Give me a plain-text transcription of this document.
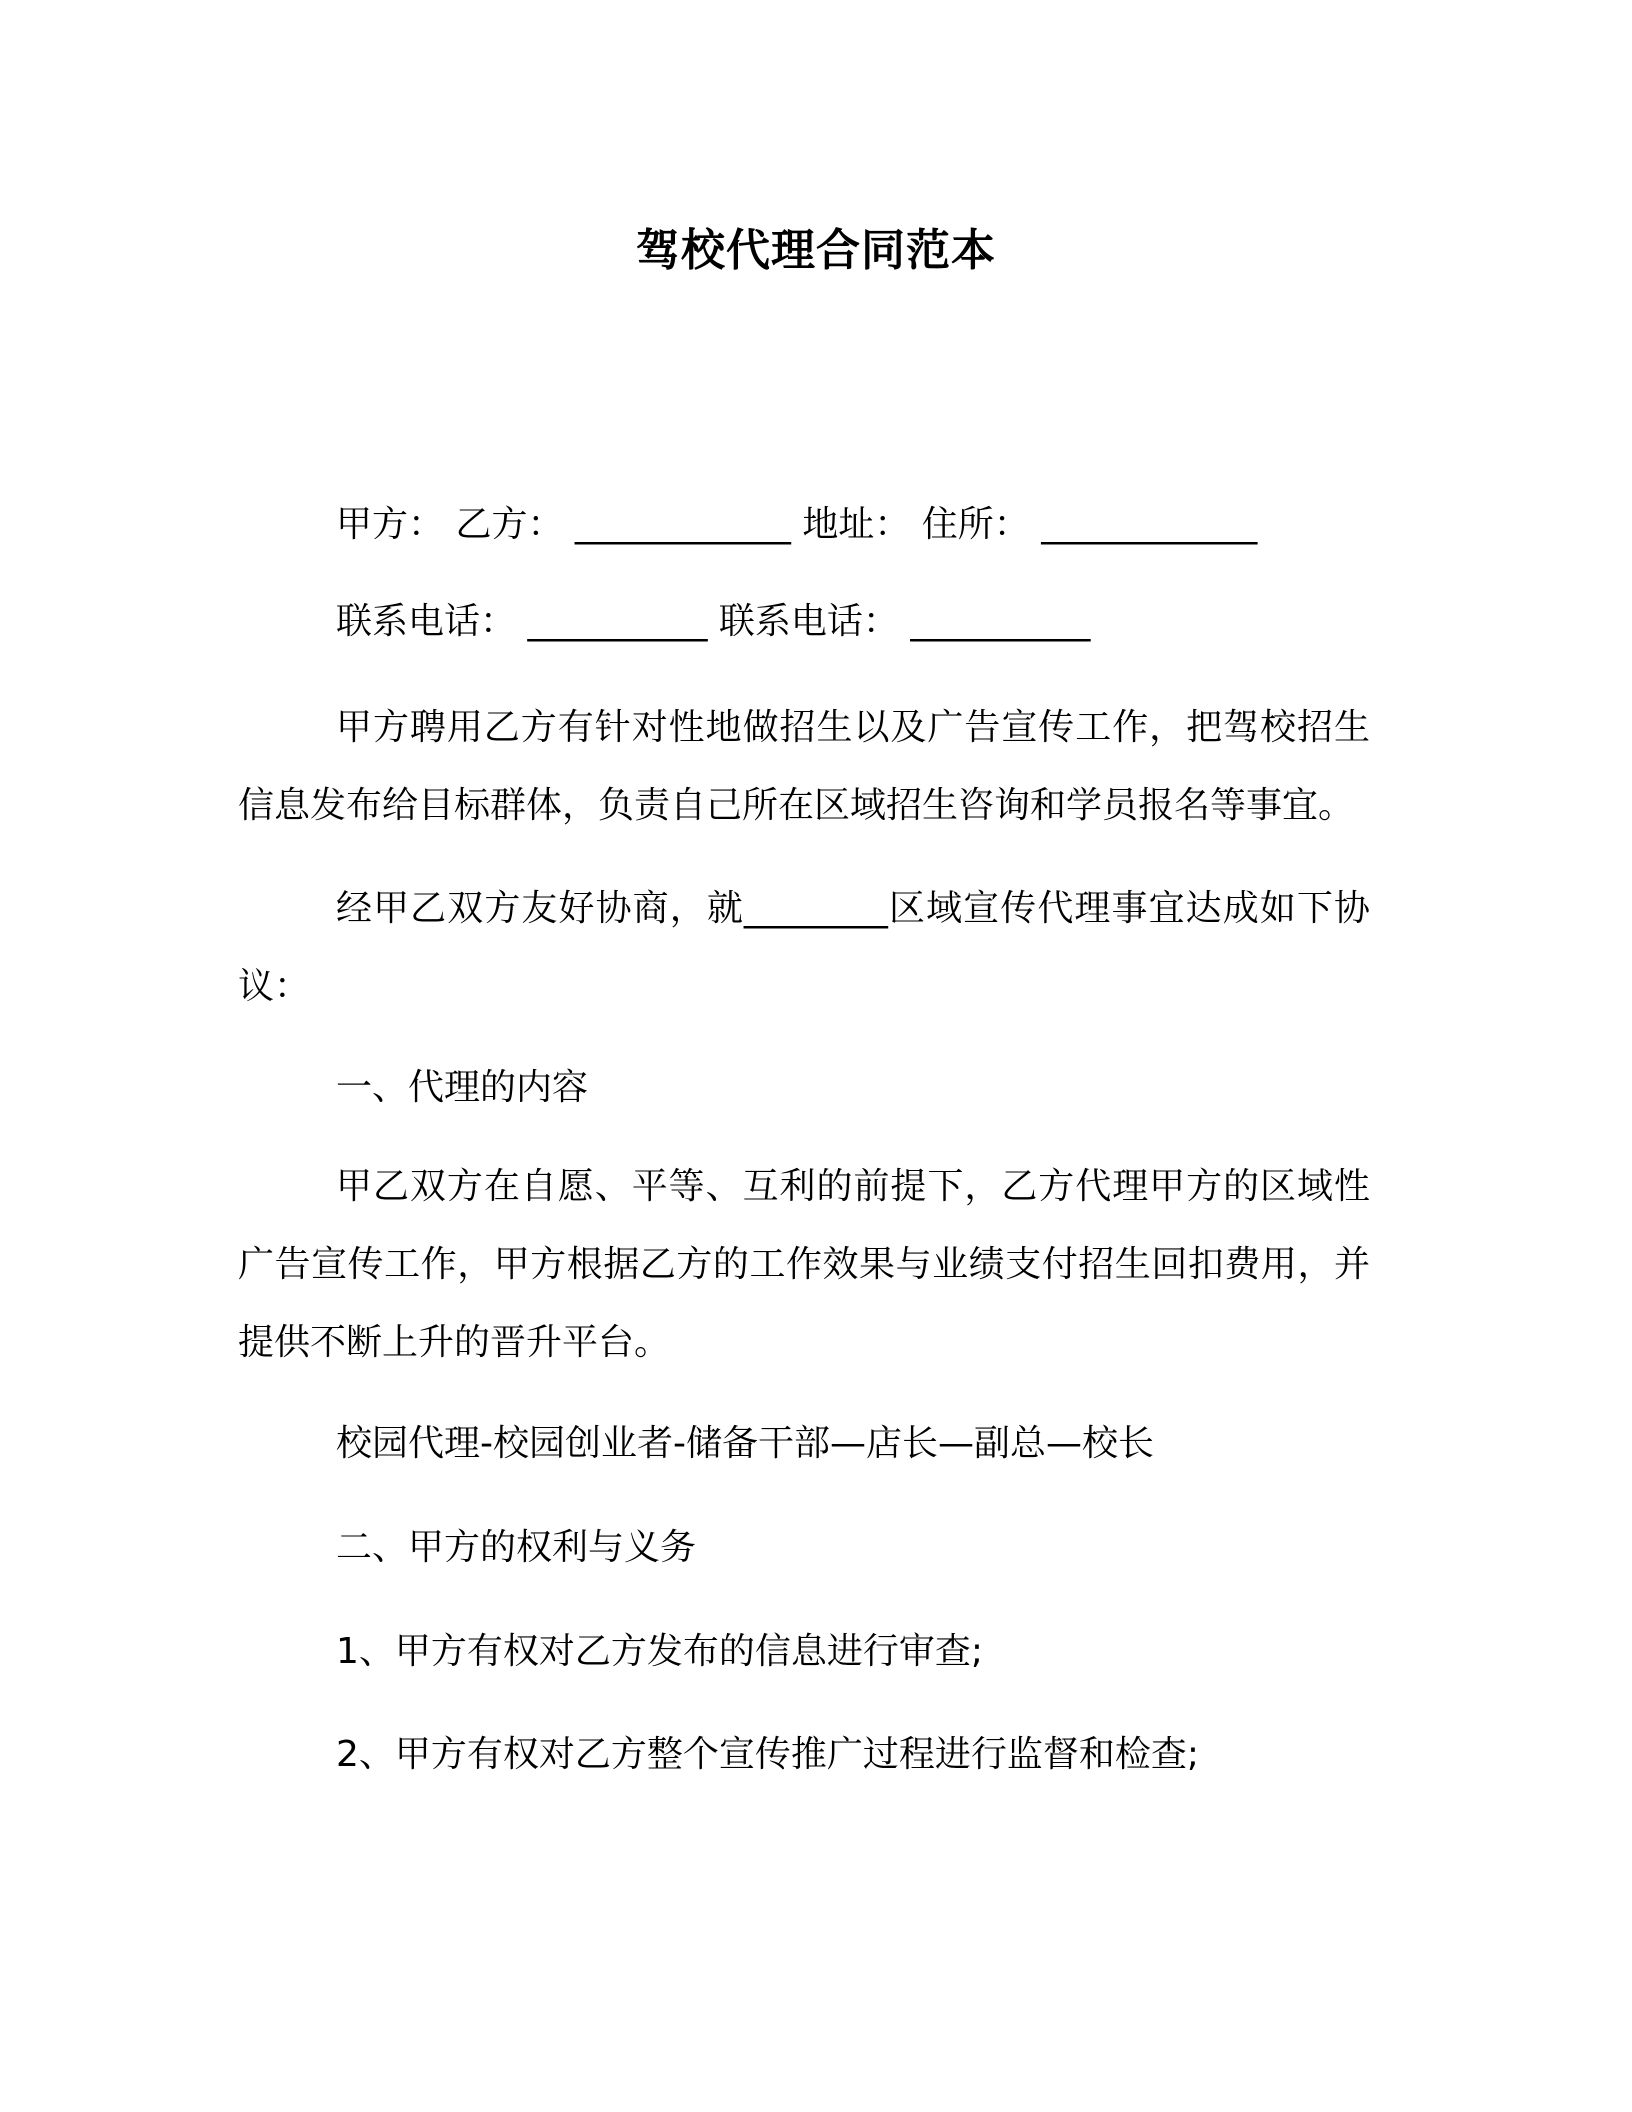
驾校代理合同范本
甲方： 乙方： ____________ 地址： 住所： ____________
联系电话： __________ 联系电话： __________

甲方聘用乙方有针对性地做招生以及广告宣传工作，把驾校招生信息发布给目标群体，负责自己所在区域招生咨询和学员报名等事宜。

经甲乙双方友好协商，就________区域宣传代理事宜达成如下协议：

一、代理的内容

甲乙双方在自愿、平等、互利的前提下，乙方代理甲方的区域性广告宣传工作，甲方根据乙方的工作效果与业绩支付招生回扣费用，并提供不断上升的晋升平台。

校园代理-校园创业者-储备干部—店长—副总—校长
二、甲方的权利与义务
1、甲方有权对乙方发布的信息进行审查;
2、甲方有权对乙方整个宣传推广过程进行监督和检查;
